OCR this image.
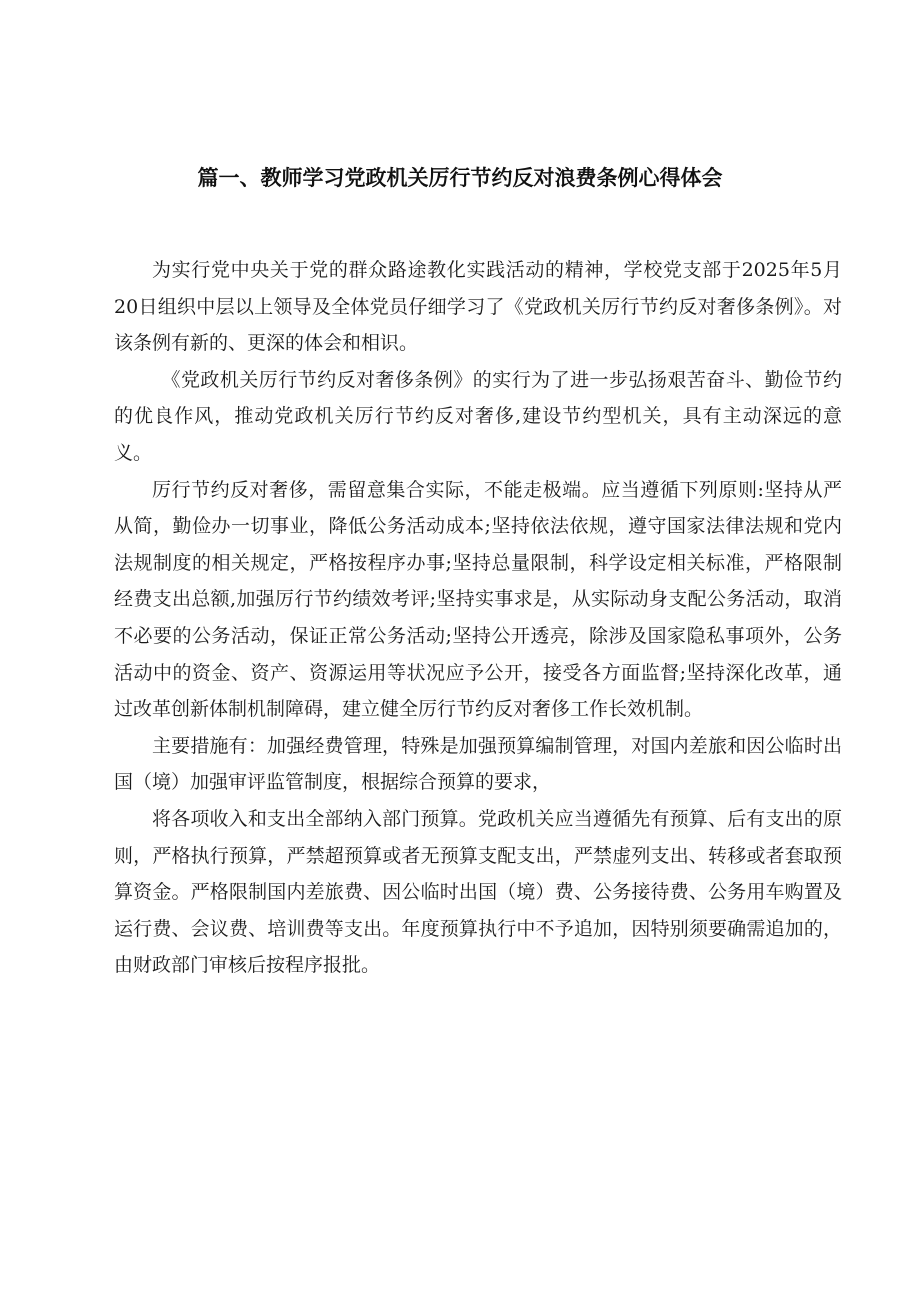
篇一、教师学习党政机关厉行节约反对浪费条例心得体会

为实行党中央关于党的群众路途教化实践活动的精神，学校党支部于2025年5月20日组织中层以上领导及全体党员仔细学习了《党政机关厉行节约反对奢侈条例》。对该条例有新的、更深的体会和相识。

《党政机关厉行节约反对奢侈条例》的实行为了进一步弘扬艰苦奋斗、勤俭节约的优良作风，推动党政机关厉行节约反对奢侈,建设节约型机关，具有主动深远的意义。

厉行节约反对奢侈，需留意集合实际，不能走极端。应当遵循下列原则:坚持从严从简，勤俭办一切事业，降低公务活动成本;坚持依法依规，遵守国家法律法规和党内法规制度的相关规定，严格按程序办事;坚持总量限制，科学设定相关标准，严格限制经费支出总额,加强厉行节约绩效考评;坚持实事求是，从实际动身支配公务活动，取消不必要的公务活动，保证正常公务活动;坚持公开透亮，除涉及国家隐私事项外，公务活动中的资金、资产、资源运用等状况应予公开，接受各方面监督;坚持深化改革，通过改革创新体制机制障碍，建立健全厉行节约反对奢侈工作长效机制。

主要措施有：加强经费管理，特殊是加强预算编制管理，对国内差旅和因公临时出国（境）加强审评监管制度，根据综合预算的要求，

将各项收入和支出全部纳入部门预算。党政机关应当遵循先有预算、后有支出的原则，严格执行预算，严禁超预算或者无预算支配支出，严禁虚列支出、转移或者套取预算资金。严格限制国内差旅费、因公临时出国（境）费、公务接待费、公务用车购置及运行费、会议费、培训费等支出。年度预算执行中不予追加，因特别须要确需追加的，由财政部门审核后按程序报批。
